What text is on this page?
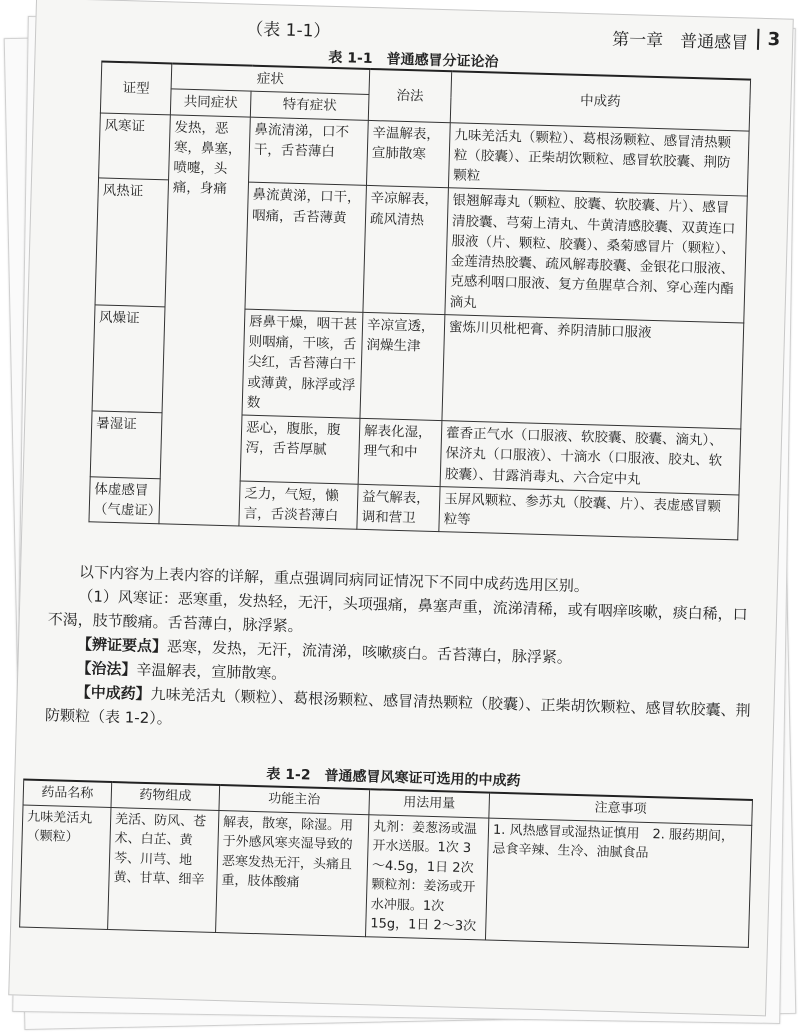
（表 1-1）	第一章　普通感冒	3
表 1-1　普通感冒分证论治
证型	症状		治法	中成药
	共同症状	特有症状		
风寒证	发热，恶寒，鼻塞，喷嚏，头痛，身痛	鼻流清涕，口不干，舌苔薄白	辛温解表，宣肺散寒	九味羌活丸（颗粒）、葛根汤颗粒、感冒清热颗粒（胶囊）、正柴胡饮颗粒、感冒软胶囊、荆防颗粒
风热证		鼻流黄涕，口干，咽痛，舌苔薄黄	辛凉解表，疏风清热	银翘解毒丸（颗粒、胶囊、软胶囊、片）、感冒清胶囊、芎菊上清丸、牛黄清感胶囊、双黄连口服液（片、颗粒、胶囊）、桑菊感冒片（颗粒）、金莲清热胶囊、疏风解毒胶囊、金银花口服液、克感利咽口服液、复方鱼腥草合剂、穿心莲内酯滴丸
风燥证		唇鼻干燥，咽干甚则咽痛，干咳，舌尖红，舌苔薄白干或薄黄，脉浮或浮数	辛凉宣透，润燥生津	蜜炼川贝枇杷膏、养阴清肺口服液
暑湿证		恶心，腹胀，腹泻，舌苔厚腻	解表化湿，理气和中	藿香正气水（口服液、软胶囊、胶囊、滴丸）、保济丸（口服液）、十滴水（口服液、胶丸、软胶囊）、甘露消毒丸、六合定中丸
体虚感冒（气虚证）		乏力，气短，懒言，舌淡苔薄白	益气解表，调和营卫	玉屏风颗粒、参苏丸（胶囊、片）、表虚感冒颗粒等

以下内容为上表内容的详解，重点强调同病同证情况下不同中成药选用区别。

（1）风寒证：恶寒重，发热轻，无汗，头项强痛，鼻塞声重，流涕清稀，或有咽痒咳嗽，痰白稀，口不渴，肢节酸痛。舌苔薄白，脉浮紧。

【辨证要点】恶寒，发热，无汗，流清涕，咳嗽痰白。舌苔薄白，脉浮紧。

【治法】辛温解表，宣肺散寒。

【中成药】九味羌活丸（颗粒）、葛根汤颗粒、感冒清热颗粒（胶囊）、正柴胡饮颗粒、感冒软胶囊、荆防颗粒（表 1-2）。

表 1-2　普通感冒风寒证可选用的中成药
药品名称	药物组成	功能主治	用法用量	注意事项
九味羌活丸（颗粒）	羌活、防风、苍术、白芷、黄芩、川芎、地黄、甘草、细辛	解表，散寒，除湿。用于外感风寒夹湿导致的恶寒发热无汗，头痛且重，肢体酸痛	丸剂：姜葱汤或温开水送服。1次 3～4.5g，1日 2次　颗粒剂：姜汤或开水冲服。1次 15g，1日 2～3次	1. 风热感冒或湿热证慎用　2. 服药期间，忌食辛辣、生冷、油腻食品
